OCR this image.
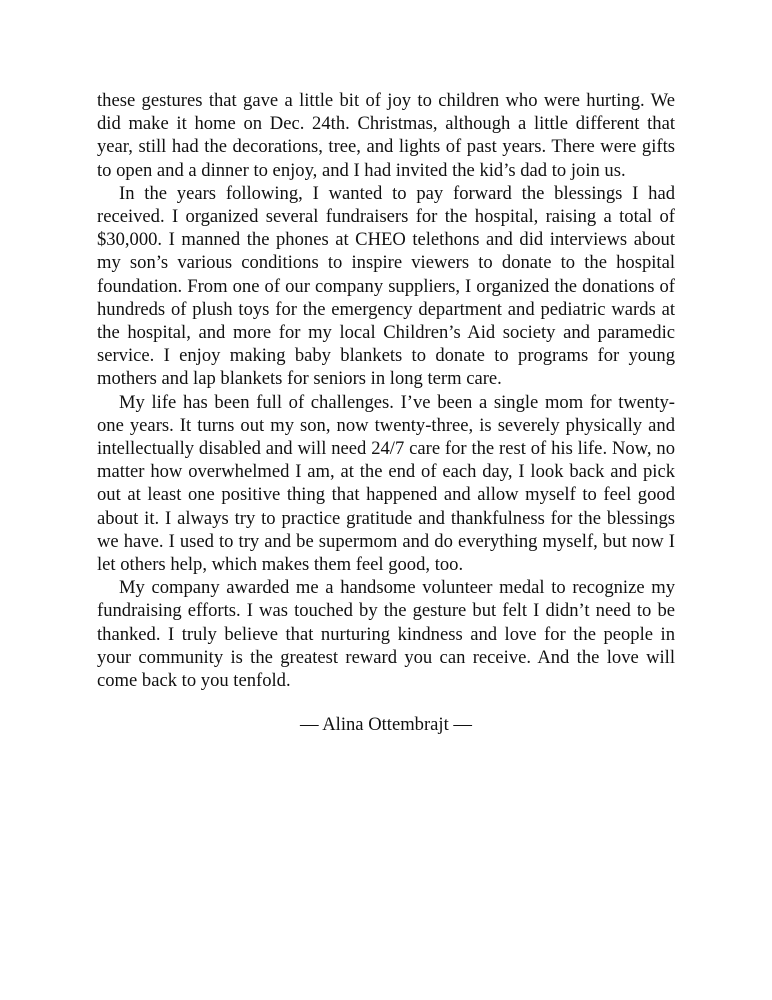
these gestures that gave a little bit of joy to children who were hurting. We did make it home on Dec. 24th. Christmas, although a little different that year, still had the decorations, tree, and lights of past years. There were gifts to open and a dinner to enjoy, and I had invited the kid’s dad to join us.

In the years following, I wanted to pay forward the blessings I had received. I organized several fundraisers for the hospital, raising a total of $30,000. I manned the phones at CHEO telethons and did interviews about my son’s various conditions to inspire viewers to donate to the hospital foundation. From one of our company suppliers, I organized the donations of hundreds of plush toys for the emergency department and pediatric wards at the hospital, and more for my local Children’s Aid society and paramedic service. I enjoy making baby blankets to donate to programs for young mothers and lap blankets for seniors in long term care.

My life has been full of challenges. I’ve been a single mom for twenty-one years. It turns out my son, now twenty-three, is severely physically and intellectually disabled and will need 24/7 care for the rest of his life. Now, no matter how overwhelmed I am, at the end of each day, I look back and pick out at least one positive thing that happened and allow myself to feel good about it. I always try to practice gratitude and thankfulness for the blessings we have. I used to try and be supermom and do everything myself, but now I let others help, which makes them feel good, too.

My company awarded me a handsome volunteer medal to recognize my fundraising efforts. I was touched by the gesture but felt I didn’t need to be thanked. I truly believe that nurturing kindness and love for the people in your community is the greatest reward you can receive. And the love will come back to you tenfold.

— Alina Ottembrajt —
